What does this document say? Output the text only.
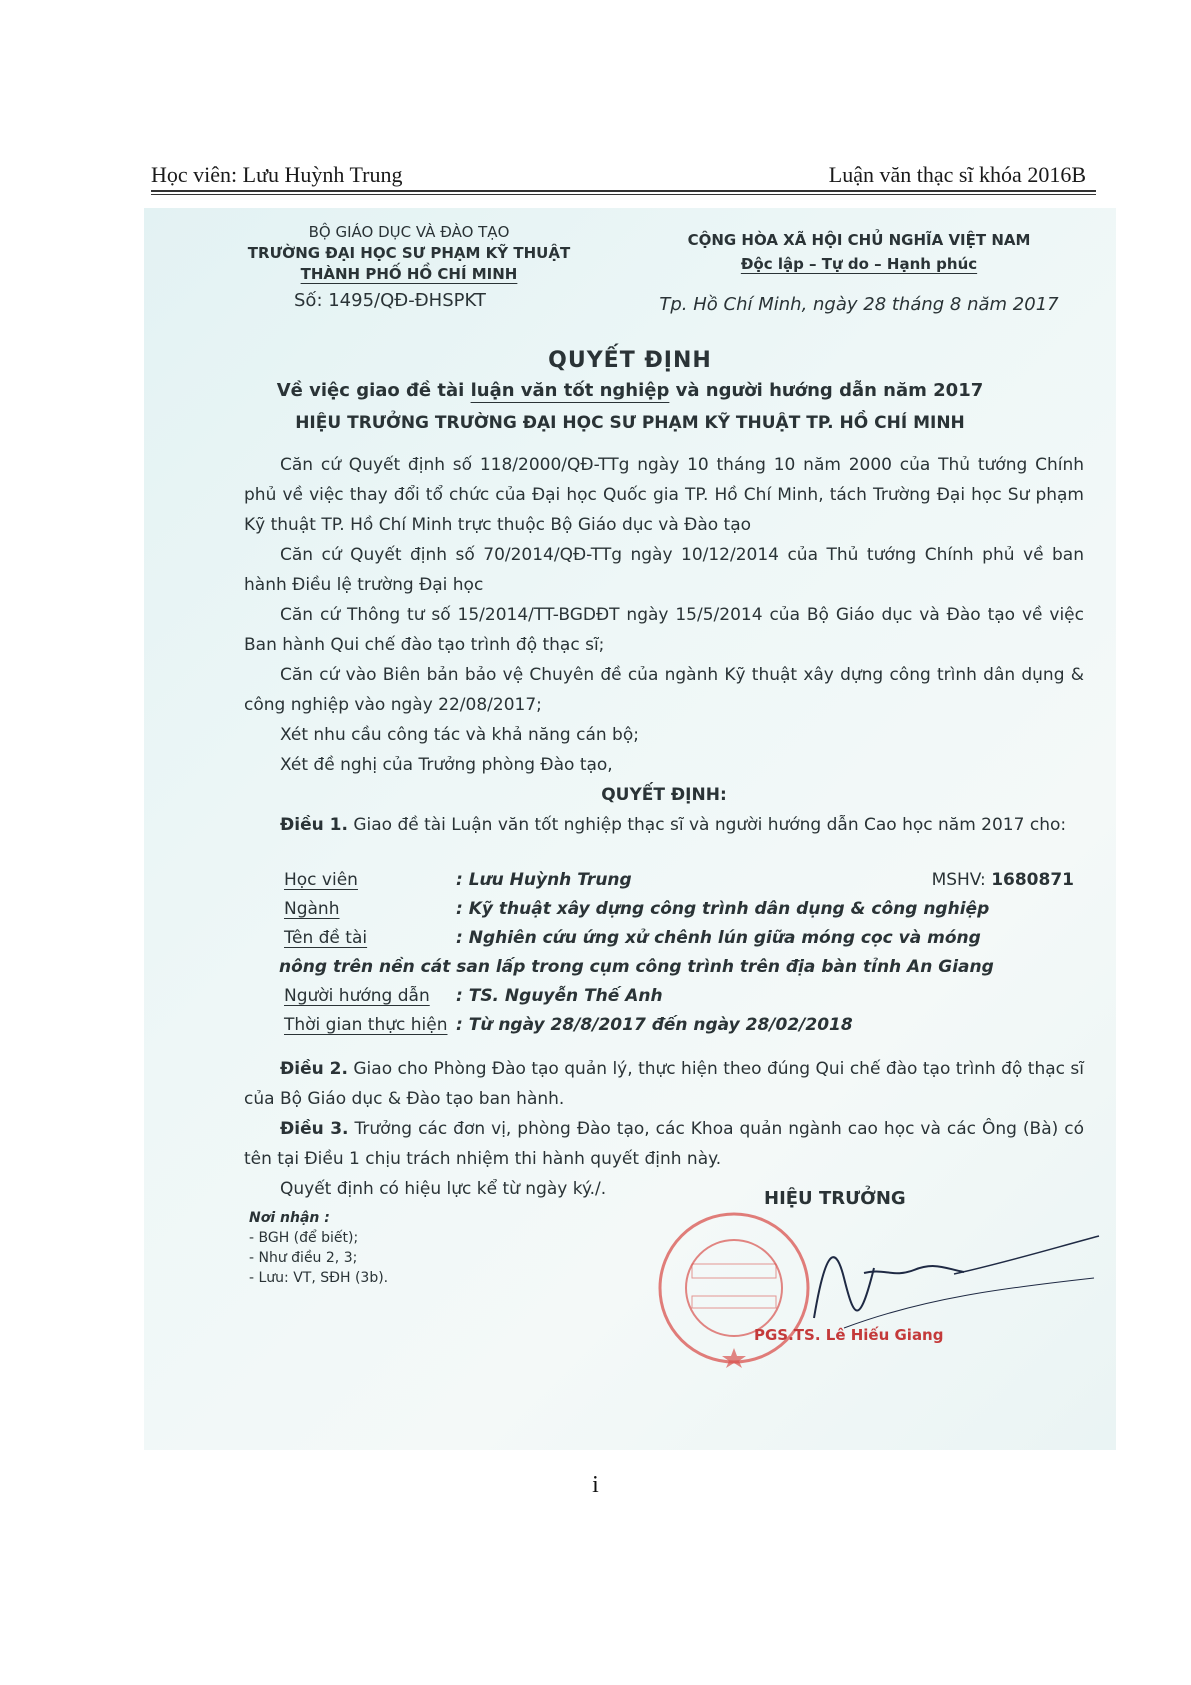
Học viên: Lưu Huỳnh Trung	Luận văn thạc sĩ khóa 2016B
BỘ GIÁO DỤC VÀ ĐÀO TẠO
TRƯỜNG ĐẠI HỌC SƯ PHẠM KỸ THUẬT
THÀNH PHỐ HỒ CHÍ MINH
Số: 1495/QĐ-ĐHSPKT
CỘNG HÒA XÃ HỘI CHỦ NGHĨA VIỆT NAM
Độc lập – Tự do – Hạnh phúc
Tp. Hồ Chí Minh, ngày 28 tháng 8 năm 2017
QUYẾT ĐỊNH
Về việc giao đề tài luận văn tốt nghiệp và người hướng dẫn năm 2017
HIỆU TRƯỞNG TRƯỜNG ĐẠI HỌC SƯ PHẠM KỸ THUẬT TP. HỒ CHÍ MINH

Căn cứ Quyết định số 118/2000/QĐ-TTg ngày 10 tháng 10 năm 2000 của Thủ tướng Chính phủ về việc thay đổi tổ chức của Đại học Quốc gia TP. Hồ Chí Minh, tách Trường Đại học Sư phạm Kỹ thuật TP. Hồ Chí Minh trực thuộc Bộ Giáo dục và Đào tạo

Căn cứ Quyết định số 70/2014/QĐ-TTg ngày 10/12/2014 của Thủ tướng Chính phủ về ban hành Điều lệ trường Đại học

Căn cứ Thông tư số 15/2014/TT-BGDĐT ngày 15/5/2014 của Bộ Giáo dục và Đào tạo về việc Ban hành Qui chế đào tạo trình độ thạc sĩ;

Căn cứ vào Biên bản bảo vệ Chuyên đề của ngành Kỹ thuật xây dựng công trình dân dụng & công nghiệp vào ngày 22/08/2017;

Xét nhu cầu công tác và khả năng cán bộ;

Xét đề nghị của Trưởng phòng Đào tạo,

QUYẾT ĐỊNH:

Điều 1. Giao đề tài Luận văn tốt nghiệp thạc sĩ và người hướng dẫn Cao học năm 2017 cho:

Học viên	: Lưu Huỳnh Trung	MSHV: 1680871
Ngành	: Kỹ thuật xây dựng công trình dân dụng & công nghiệp
Tên đề tài	: Nghiên cứu ứng xử chênh lún giữa móng cọc và móng
nông trên nền cát san lấp trong cụm công trình trên địa bàn tỉnh An Giang
Người hướng dẫn : TS. Nguyễn Thế Anh
Thời gian thực hiện : Từ ngày 28/8/2017 đến ngày 28/02/2018

Điều 2. Giao cho Phòng Đào tạo quản lý, thực hiện theo đúng Qui chế đào tạo trình độ thạc sĩ của Bộ Giáo dục & Đào tạo ban hành.

Điều 3. Trưởng các đơn vị, phòng Đào tạo, các Khoa quản ngành cao học và các Ông (Bà) có tên tại Điều 1 chịu trách nhiệm thi hành quyết định này.

Quyết định có hiệu lực kể từ ngày ký./.

Nơi nhận :
- BGH (để biết);
- Như điều 2, 3;
- Lưu: VT, SĐH (3b).
HIỆU TRƯỞNG
PGS.TS. Lê Hiếu Giang
i
